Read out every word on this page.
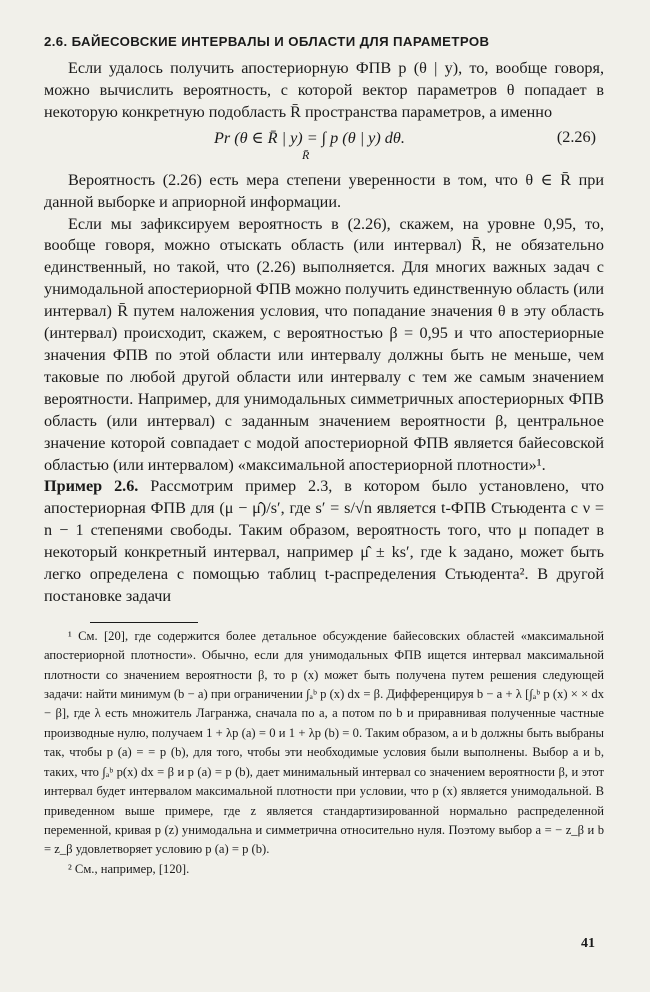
2.6. БАЙЕСОВСКИЕ ИНТЕРВАЛЫ И ОБЛАСТИ ДЛЯ ПАРАМЕТРОВ

Если удалось получить апостериорную ФПВ p (θ | y), то, вообще говоря, можно вычислить вероятность, с которой вектор параметров θ попадает в некоторую конкретную подобласть R̄ пространства параметров, а именно

Pr (θ ∈ R̄ | y) = ∫ p (θ | y) dθ.
R̄
(2.26)

Вероятность (2.26) есть мера степени уверенности в том, что θ ∈ R̄ при данной выборке и априорной информации.

Если мы зафиксируем вероятность в (2.26), скажем, на уровне 0,95, то, вообще говоря, можно отыскать область (или интервал) R̄, не обязательно единственный, но такой, что (2.26) выполняется. Для многих важных задач с унимодальной апостериорной ФПВ можно получить единственную область (или интервал) R̄ путем наложения условия, что попадание значения θ в эту область (интервал) происходит, скажем, с вероятностью β = 0,95 и что апостериорные значения ФПВ по этой области или интервалу должны быть не меньше, чем таковые по любой другой области или интервалу с тем же самым значением вероятности. Например, для унимодальных симметричных апостериорных ФПВ область (или интервал) с заданным значением вероятности β, центральное значение которой совпадает с модой апостериорной ФПВ является байесовской областью (или интервалом) «максимальной апостериорной плотности»¹.

Пример 2.6. Рассмотрим пример 2.3, в котором было установлено, что апостериорная ФПВ для (μ − μ̂)/s′, где s′ = s/√n является t-ФПВ Стьюдента с ν = n − 1 степенями свободы. Таким образом, вероятность того, что μ попадет в некоторый конкретный интервал, например μ̂ ± ks′, где k задано, может быть легко определена с помощью таблиц t-распределения Стьюдента². В другой постановке задачи

¹ См. [20], где содержится более детальное обсуждение байесовских областей «максимальной апостериорной плотности». Обычно, если для унимодальных ФПВ ищется интервал максимальной плотности со значением вероятности β, то p (x) может быть получена путем решения следующей задачи: найти минимум (b − a) при ограничении ∫ₐᵇ p (x) dx = β. Дифференцируя b − a + λ [∫ₐᵇ p (x) × × dx − β], где λ есть множитель Лагранжа, сначала по a, а потом по b и приравнивая полученные частные производные нулю, получаем 1 + λp (a) = 0 и 1 + λp (b) = 0. Таким образом, a и b должны быть выбраны так, чтобы p (a) = = p (b), для того, чтобы эти необходимые условия были выполнены. Выбор a и b, таких, что ∫ₐᵇ p(x) dx = β и p (a) = p (b), дает минимальный интервал со значением вероятности β, и этот интервал будет интервалом максимальной плотности при условии, что p (x) является унимодальной. В приведенном выше примере, где z является стандартизированной нормально распределенной переменной, кривая p (z) унимодальна и симметрична относительно нуля. Поэтому выбор a = − z_β и b = z_β удовлетворяет условию p (a) = p (b).

² См., например, [120].

41
